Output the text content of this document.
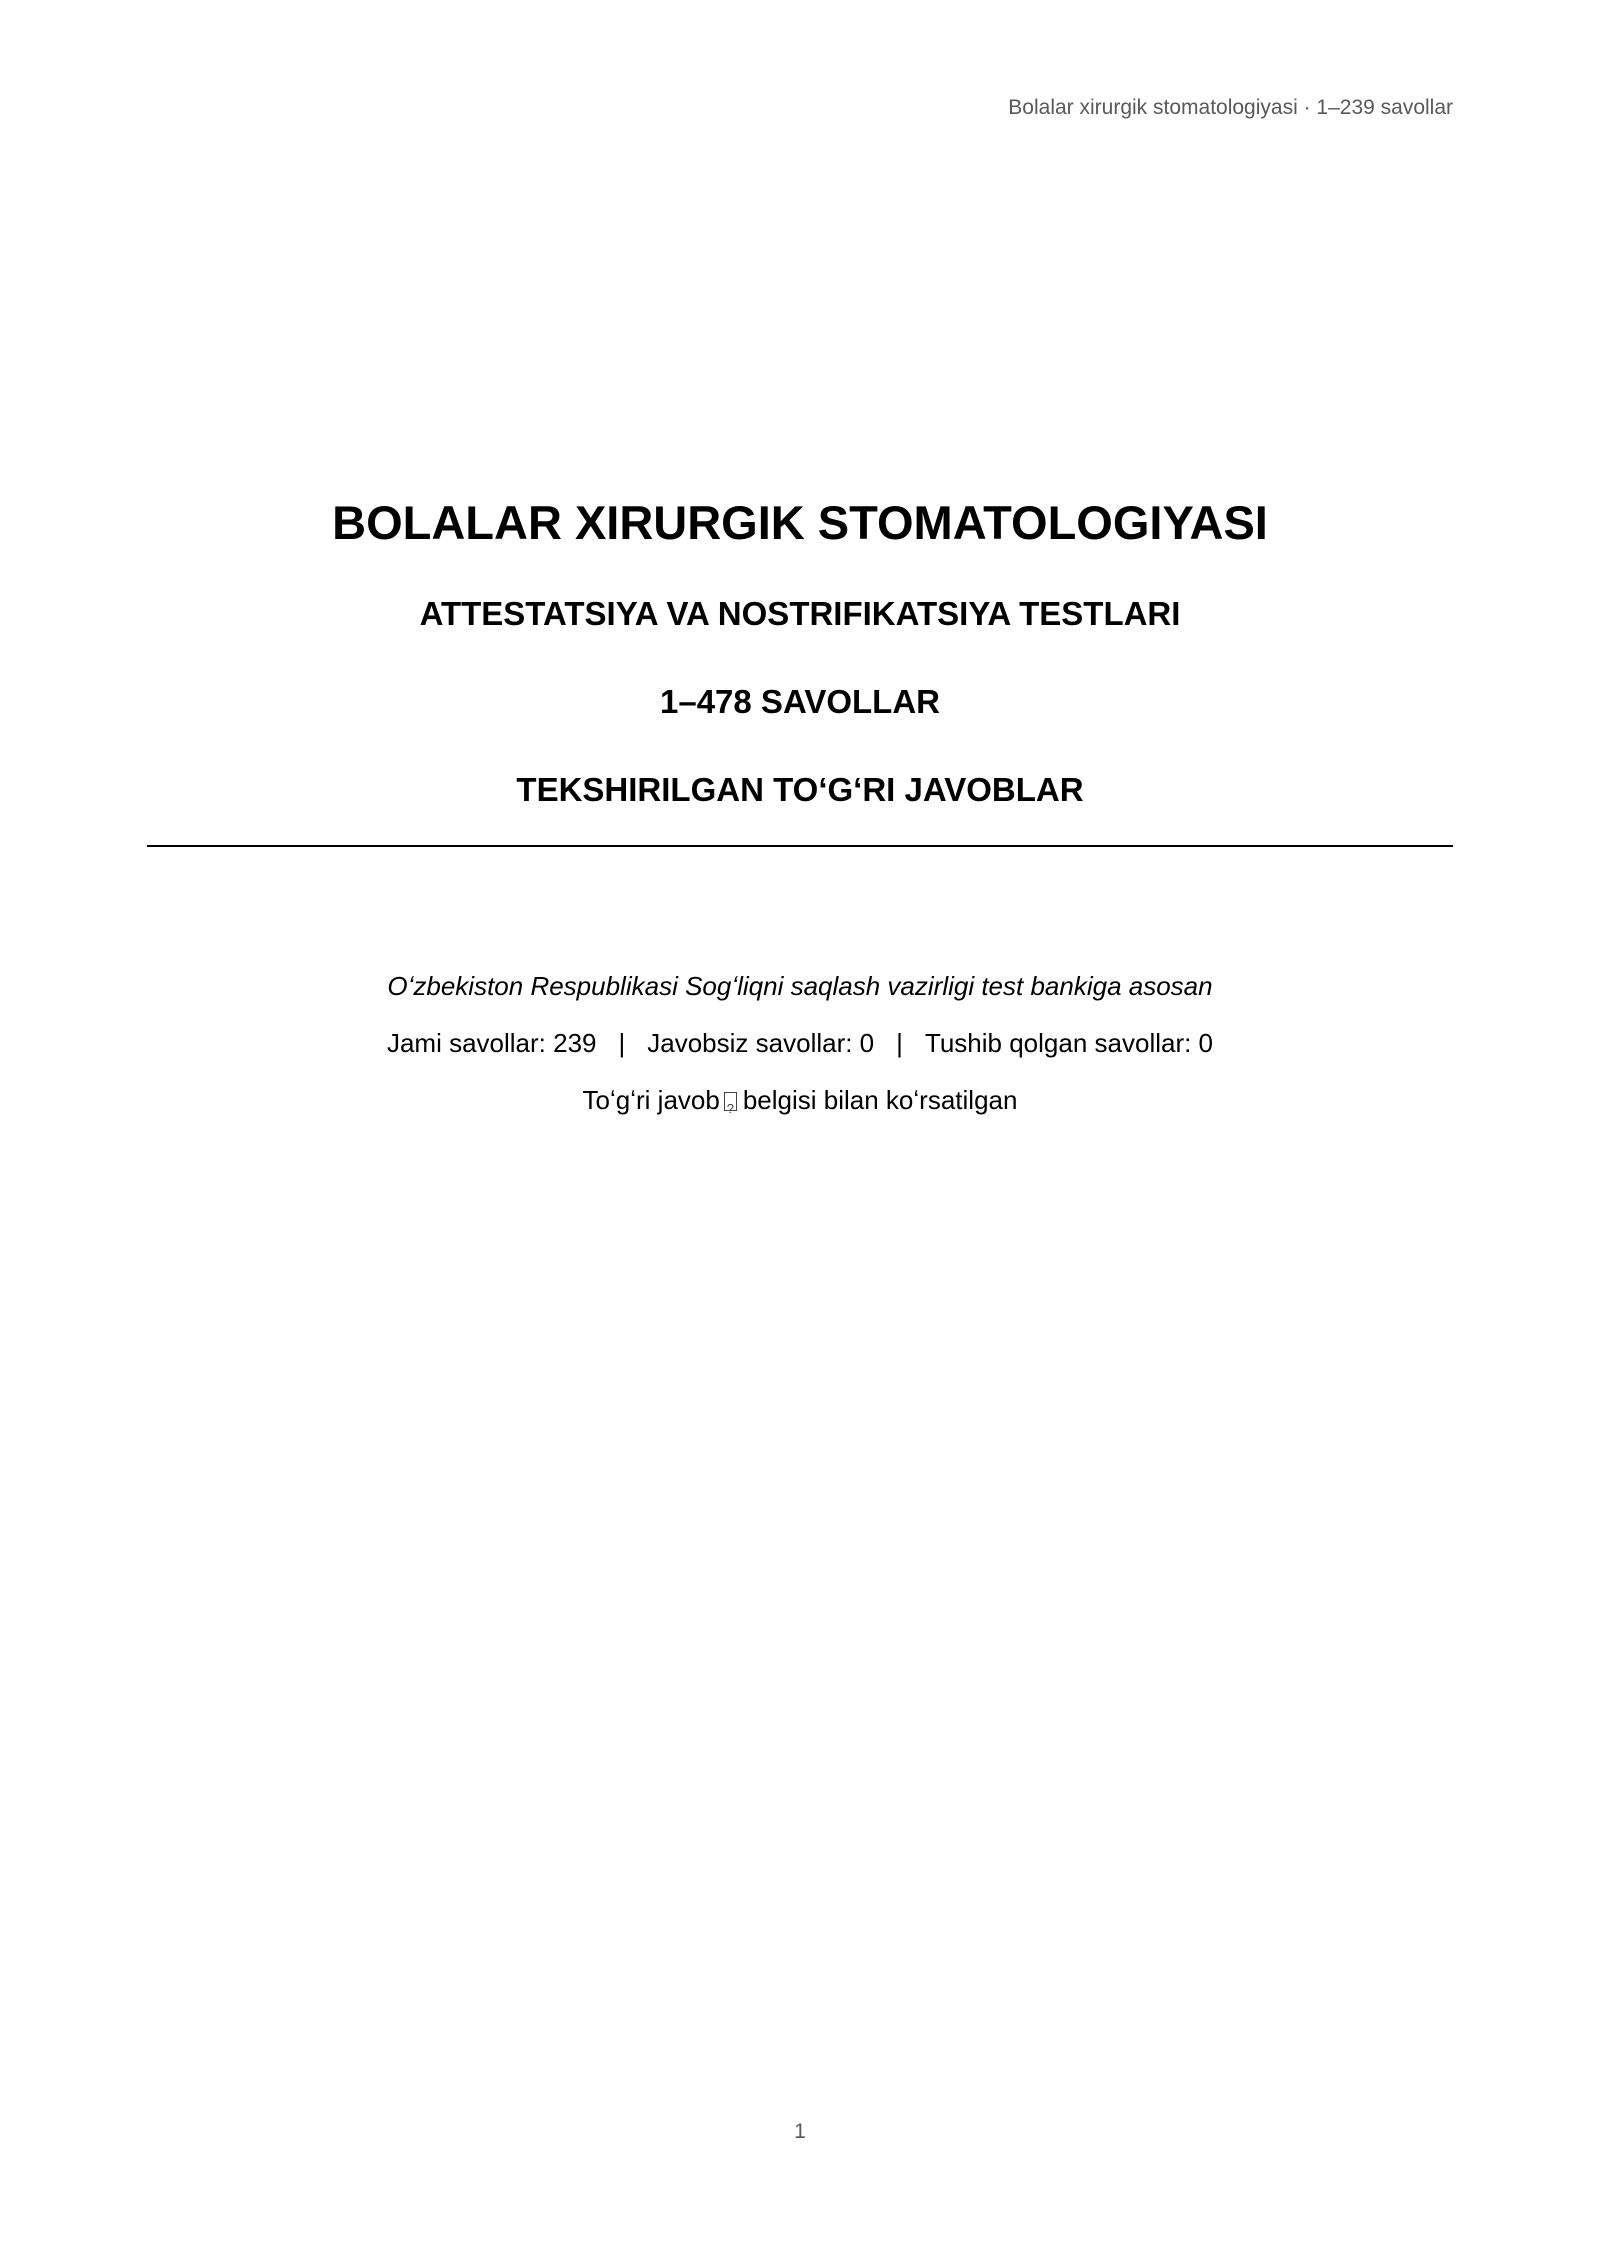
Bolalar xirurgik stomatologiyasi · 1–239 savollar
BOLALAR XIRURGIK STOMATOLOGIYASI
ATTESTATSIYA VA NOSTRIFIKATSIYA TESTLARI
1–478 SAVOLLAR
TEKSHIRILGAN TOʻGʻRI JAVOBLAR

Oʻzbekiston Respublikasi Sogʻliqni saqlash vazirligi test bankiga asosan

Jami savollar: 239 | Javobsiz savollar: 0 | Tushib qolgan savollar: 0

Toʻgʻri javob? belgisi bilan koʻrsatilgan

1
